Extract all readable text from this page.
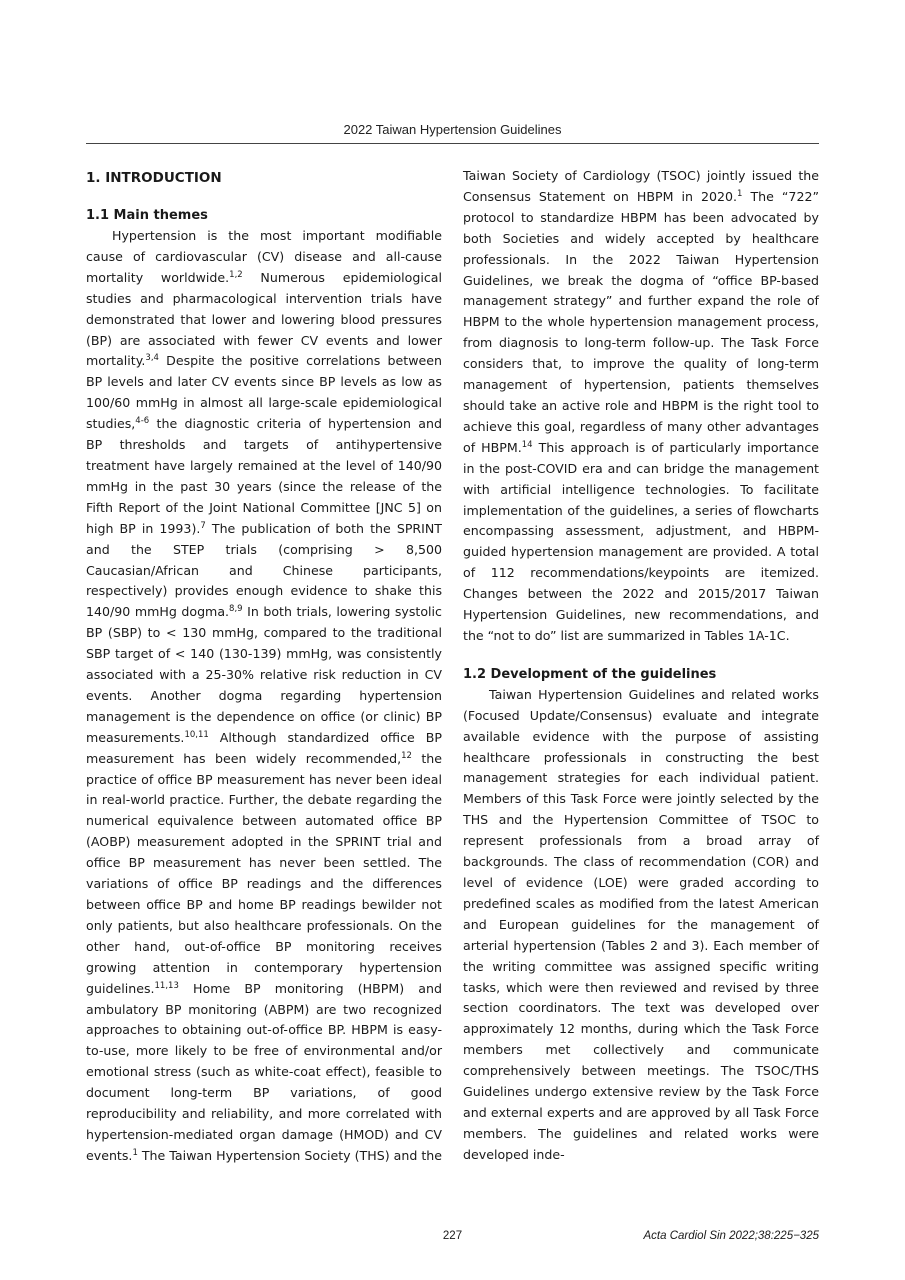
2022 Taiwan Hypertension Guidelines
1. INTRODUCTION
1.1 Main themes

Hypertension is the most important modifiable cause of cardiovascular (CV) disease and all-cause mortality worldwide.$^{1,2}$ Numerous epidemiological studies and pharmacological intervention trials have demonstrated that lower and lowering blood pressures (BP) are associated with fewer CV events and lower mortality.$^{3,4}$ Despite the positive correlations between BP levels and later CV events since BP levels as low as 100/60 mmHg in almost all large-scale epidemiological studies,$^{4-6}$ the diagnostic criteria of hypertension and BP thresholds and targets of antihypertensive treatment have largely remained at the level of 140/90 mmHg in the past 30 years (since the release of the Fifth Report of the Joint National Committee [JNC 5] on high BP in 1993).$^7$ The publication of both the SPRINT and the STEP trials (comprising > 8,500 Caucasian/African and Chinese participants, respectively) provides enough evidence to shake this 140/90 mmHg dogma.$^{8,9}$ In both trials, lowering systolic BP (SBP) to < 130 mmHg, compared to the traditional SBP target of < 140 (130-139) mmHg, was consistently associated with a 25-30% relative risk reduction in CV events. Another dogma regarding hypertension management is the dependence on office (or clinic) BP measurements.$^{10,11}$ Although standardized office BP measurement has been widely recommended,$^{12}$ the practice of office BP measurement has never been ideal in real-world practice. Further, the debate regarding the numerical equivalence between automated office BP (AOBP) measurement adopted in the SPRINT trial and office BP measurement has never been settled. The variations of office BP readings and the differences between office BP and home BP readings bewilder not only patients, but also healthcare professionals. On the other hand, out-of-office BP monitoring receives growing attention in contemporary hypertension guidelines.$^{11,13}$ Home BP monitoring (HBPM) and ambulatory BP monitoring (ABPM) are two recognized approaches to obtaining out-of-office BP. HBPM is easy-to-use, more likely to be free of environmental and/or emotional stress (such as white-coat effect), feasible to document long-term BP variations, of good reproducibility and reliability, and more correlated with hypertension-mediated organ damage (HMOD) and CV events.$^1$ The Taiwan Hypertension Society (THS) and the

Taiwan Society of Cardiology (TSOC) jointly issued the Consensus Statement on HBPM in 2020.$^1$ The “722” protocol to standardize HBPM has been advocated by both Societies and widely accepted by healthcare professionals. In the 2022 Taiwan Hypertension Guidelines, we break the dogma of “office BP-based management strategy” and further expand the role of HBPM to the whole hypertension management process, from diagnosis to long-term follow-up. The Task Force considers that, to improve the quality of long-term management of hypertension, patients themselves should take an active role and HBPM is the right tool to achieve this goal, regardless of many other advantages of HBPM.$^{14}$ This approach is of particularly importance in the post-COVID era and can bridge the management with artificial intelligence technologies. To facilitate implementation of the guidelines, a series of flowcharts encompassing assessment, adjustment, and HBPM-guided hypertension management are provided. A total of 112 recommendations/keypoints are itemized. Changes between the 2022 and 2015/2017 Taiwan Hypertension Guidelines, new recommendations, and the “not to do” list are summarized in Tables 1A-1C.

1.2 Development of the guidelines

Taiwan Hypertension Guidelines and related works (Focused Update/Consensus) evaluate and integrate available evidence with the purpose of assisting healthcare professionals in constructing the best management strategies for each individual patient. Members of this Task Force were jointly selected by the THS and the Hypertension Committee of TSOC to represent professionals from a broad array of backgrounds. The class of recommendation (COR) and level of evidence (LOE) were graded according to predefined scales as modified from the latest American and European guidelines for the management of arterial hypertension (Tables 2 and 3). Each member of the writing committee was assigned specific writing tasks, which were then reviewed and revised by three section coordinators. The text was developed over approximately 12 months, during which the Task Force members met collectively and communicate comprehensively between meetings. The TSOC/THS Guidelines undergo extensive review by the Task Force and external experts and are approved by all Task Force members. The guidelines and related works were developed inde-

227	Acta Cardiol Sin 2022;38:225−325
